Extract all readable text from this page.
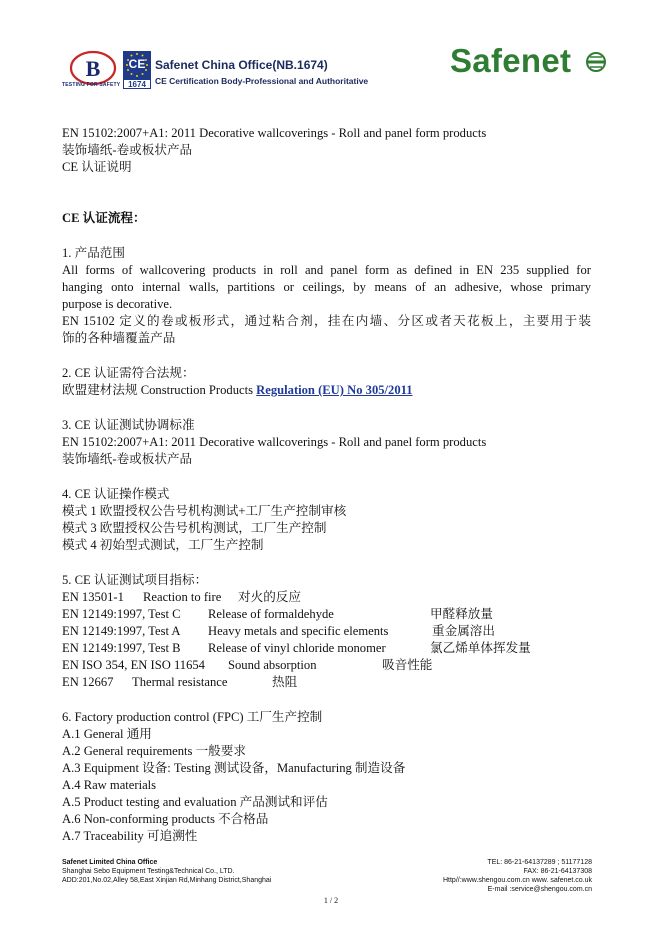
B
TESTING FOR SAFETY
CE
1674
Safenet China Office(NB.1674)
CE Certification Body-Professional and Authoritative
Safenet
EN 15102:2007+A1: 2011 Decorative wallcoverings - Roll and panel form products
装饰墙纸-卷或板状产品
CE 认证说明
CE 认证流程：
1. 产品范围
All forms of wallcovering products in roll and panel form as defined in EN 235 supplied for
hanging onto internal walls, partitions or ceilings, by means of an adhesive, whose primary
purpose is decorative.
EN 15102 定义的卷或板形式，通过粘合剂，挂在内墙、分区或者天花板上，主要用于装
饰的各种墙覆盖产品
2. CE 认证需符合法规：
欧盟建材法规 Construction Products Regulation (EU) No 305/2011
3. CE 认证测试协调标准
EN 15102:2007+A1: 2011 Decorative wallcoverings - Roll and panel form products
装饰墙纸-卷或板状产品
4. CE 认证操作模式
模式 1 欧盟授权公告号机构测试+工厂生产控制审核
模式 3 欧盟授权公告号机构测试，工厂生产控制
模式 4 初始型式测试，工厂生产控制
5. CE 认证测试项目指标：
EN 13501-1 Reaction to fire 对火的反应
EN 12149:1997, Test C Release of formaldehyde	甲醛释放量
EN 12149:1997, Test A Heavy metals and specific elements	重金属溶出
EN 12149:1997, Test B Release of vinyl chloride monomer	氯乙烯单体挥发量
EN ISO 354, EN ISO 11654 Sound absorption	吸音性能
EN 12667 Thermal resistance	热阻
6. Factory production control (FPC) 工厂生产控制
A.1 General 通用
A.2 General requirements 一般要求
A.3 Equipment 设备: Testing 测试设备，Manufacturing 制造设备
A.4 Raw materials
A.5 Product testing and evaluation 产品测试和评估
A.6 Non-conforming products 不合格品
A.7 Traceability 可追溯性
Safenet Limited China Office
Shanghai Sebo Equipment Testing&Technical Co., LTD.
ADD:201,No.02,Alley 58,East Xinjian Rd,Minhang District,Shanghai
TEL: 86-21-64137289 ; 51177128
FAX: 86-21-64137308
Http//:www.shengou.com.cn www. safenet.co.uk
E-mail :service@shengou.com.cn
1 / 2
